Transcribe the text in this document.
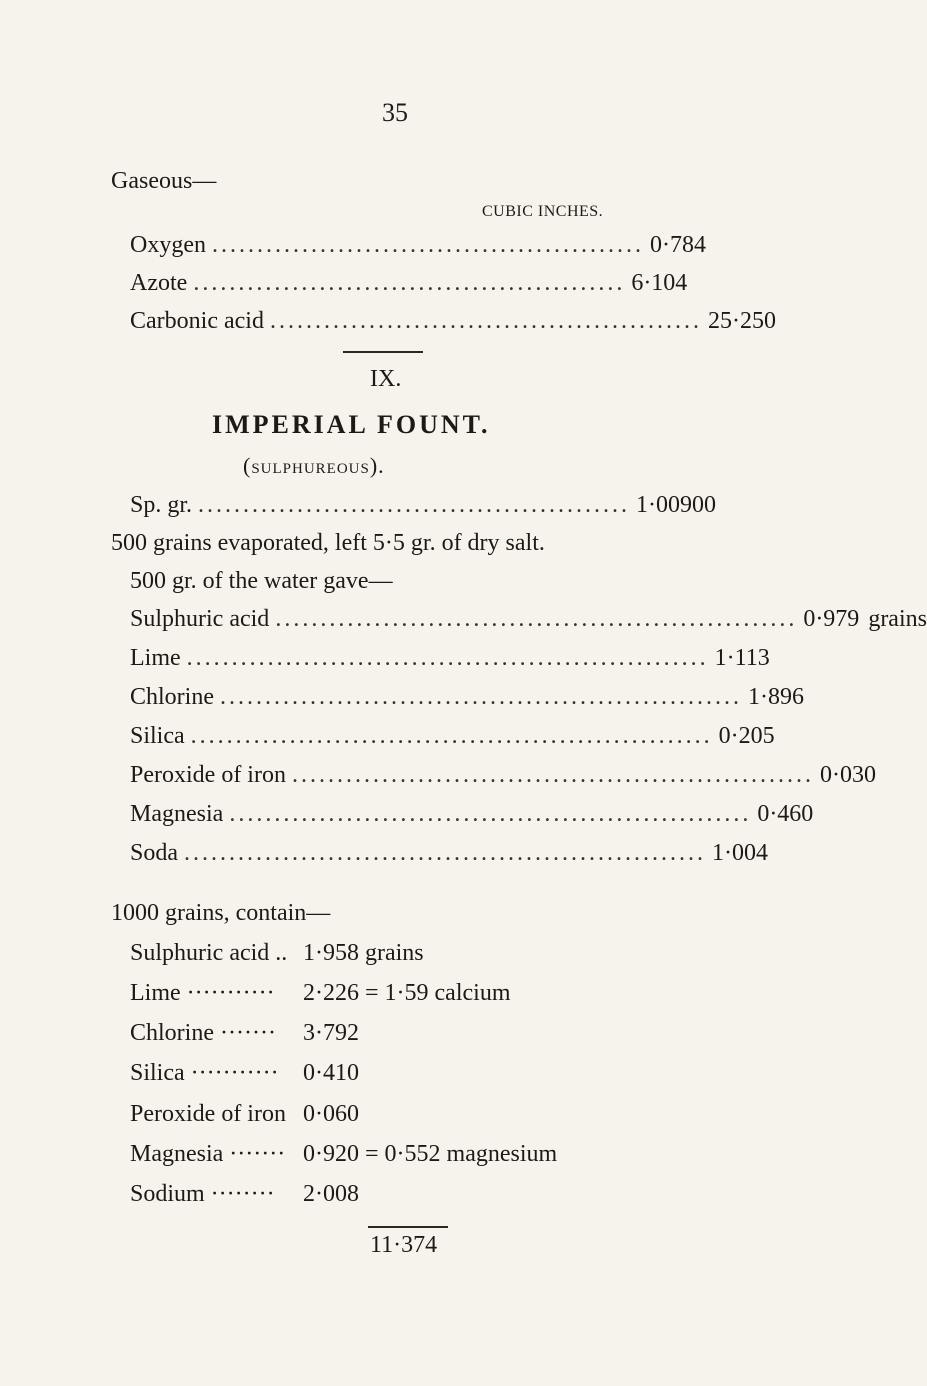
35
Gaseous—
CUBIC INCHES.
Oxygen ................................................ 0·784
Azote ................................................ 6·104
Carbonic acid ................................................ 25·250
IX.
IMPERIAL FOUNT.
(sulphureous).
Sp. gr. ................................................ 1·00900
500 grains evaporated, left 5·5 gr. of dry salt.
500 gr. of the water gave—
Sulphuric acid .......................................................... 0·979 grains
Lime .......................................................... 1·113
Chlorine .......................................................... 1·896
Silica .......................................................... 0·205
Peroxide of iron .......................................................... 0·030
Magnesia .......................................................... 0·460
Soda .......................................................... 1·004
1000 grains, contain—
Sulphuric acid .. 1·958 grains
Lime ··········· 2·226 = 1·59 calcium
Chlorine ······· 3·792
Silica ··········· 0·410
Peroxide of iron 0·060
Magnesia ······· 0·920 = 0·552 magnesium
Sodium ········ 2·008
11·374
